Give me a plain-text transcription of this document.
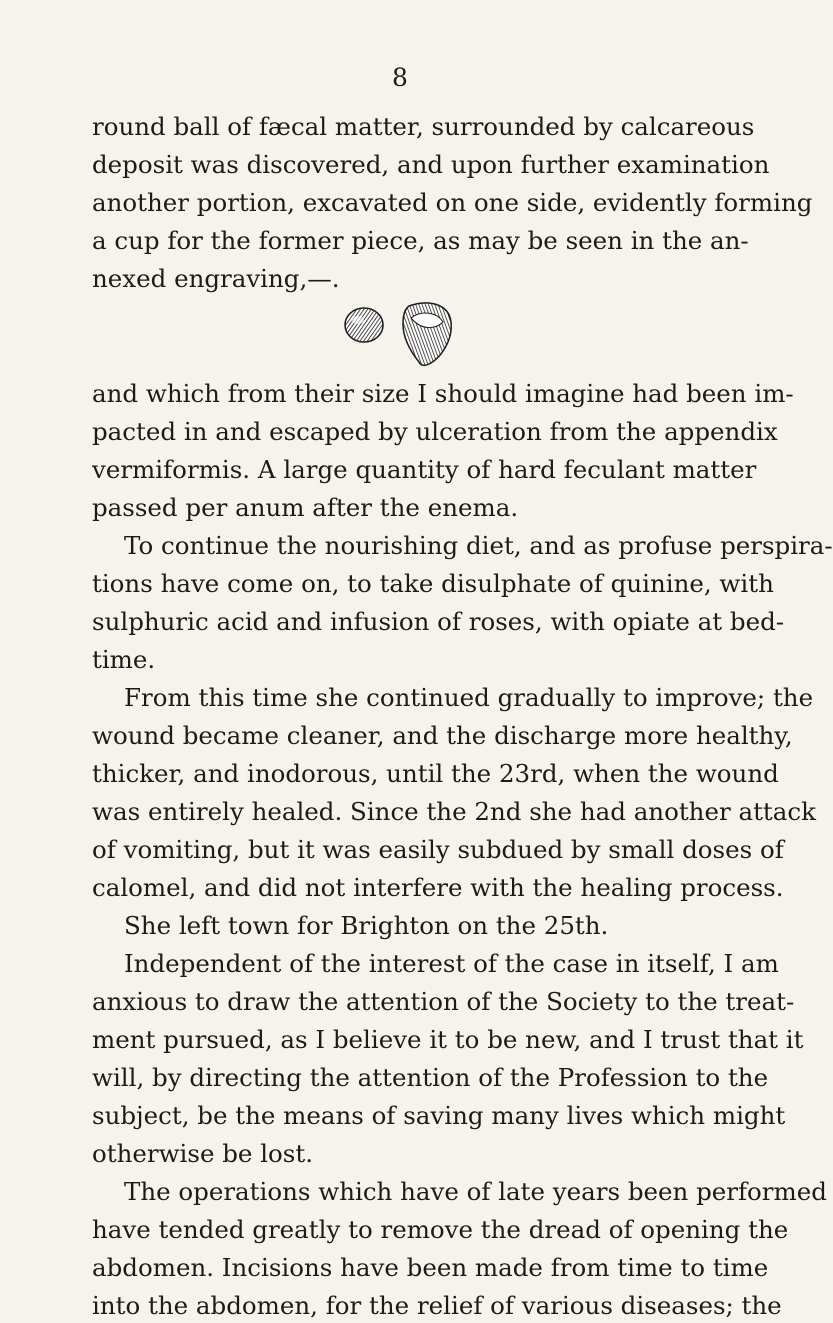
8
round ball of fæcal matter, surrounded by calcareous
deposit was discovered, and upon further examination
another portion, excavated on one side, evidently forming
a cup for the former piece, as may be seen in the an-
nexed engraving,—.
and which from their size I should imagine had been im-
pacted in and escaped by ulceration from the appendix
vermiformis. A large quantity of hard feculant matter
passed per anum after the enema.
To continue the nourishing diet, and as profuse perspira-
tions have come on, to take disulphate of quinine, with
sulphuric acid and infusion of roses, with opiate at bed-
time.
From this time she continued gradually to improve; the
wound became cleaner, and the discharge more healthy,
thicker, and inodorous, until the 23rd, when the wound
was entirely healed. Since the 2nd she had another attack
of vomiting, but it was easily subdued by small doses of
calomel, and did not interfere with the healing process.
She left town for Brighton on the 25th.
Independent of the interest of the case in itself, I am
anxious to draw the attention of the Society to the treat-
ment pursued, as I believe it to be new, and I trust that it
will, by directing the attention of the Profession to the
subject, be the means of saving many lives which might
otherwise be lost.
The operations which have of late years been performed
have tended greatly to remove the dread of opening the
abdomen. Incisions have been made from time to time
into the abdomen, for the relief of various diseases; the
